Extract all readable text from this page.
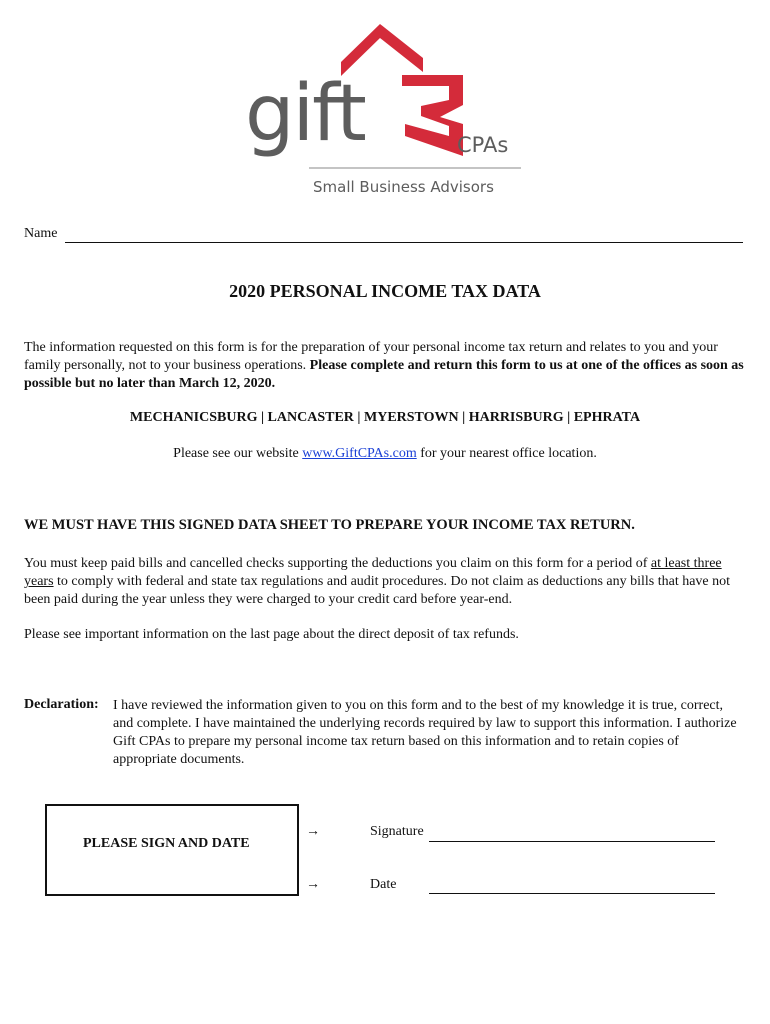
gift	CPAs
Small Business Advisors
Name
2020 PERSONAL INCOME TAX DATA

The information requested on this form is for the preparation of your personal income tax return and relates to you and your family personally, not to your business operations. Please complete and return this form to us at one of the offices as soon as possible but no later than March 12, 2020.

MECHANICSBURG | LANCASTER | MYERSTOWN | HARRISBURG | EPHRATA
Please see our website www.GiftCPAs.com for your nearest office location.
WE MUST HAVE THIS SIGNED DATA SHEET TO PREPARE YOUR INCOME TAX RETURN.

You must keep paid bills and cancelled checks supporting the deductions you claim on this form for a period of at least three years to comply with federal and state tax regulations and audit procedures. Do not claim as deductions any bills that have not been paid during the year unless they were charged to your credit card before year-end.

Please see important information on the last page about the direct deposit of tax refunds.

Declaration: I have reviewed the information given to you on this form and to the best of my knowledge it is true, correct, and complete. I have maintained the underlying records required by law to support this information. I authorize Gift CPAs to prepare my personal income tax return based on this information and to retain copies of appropriate documents.

PLEASE SIGN AND DATE
→	Signature
→	Date
